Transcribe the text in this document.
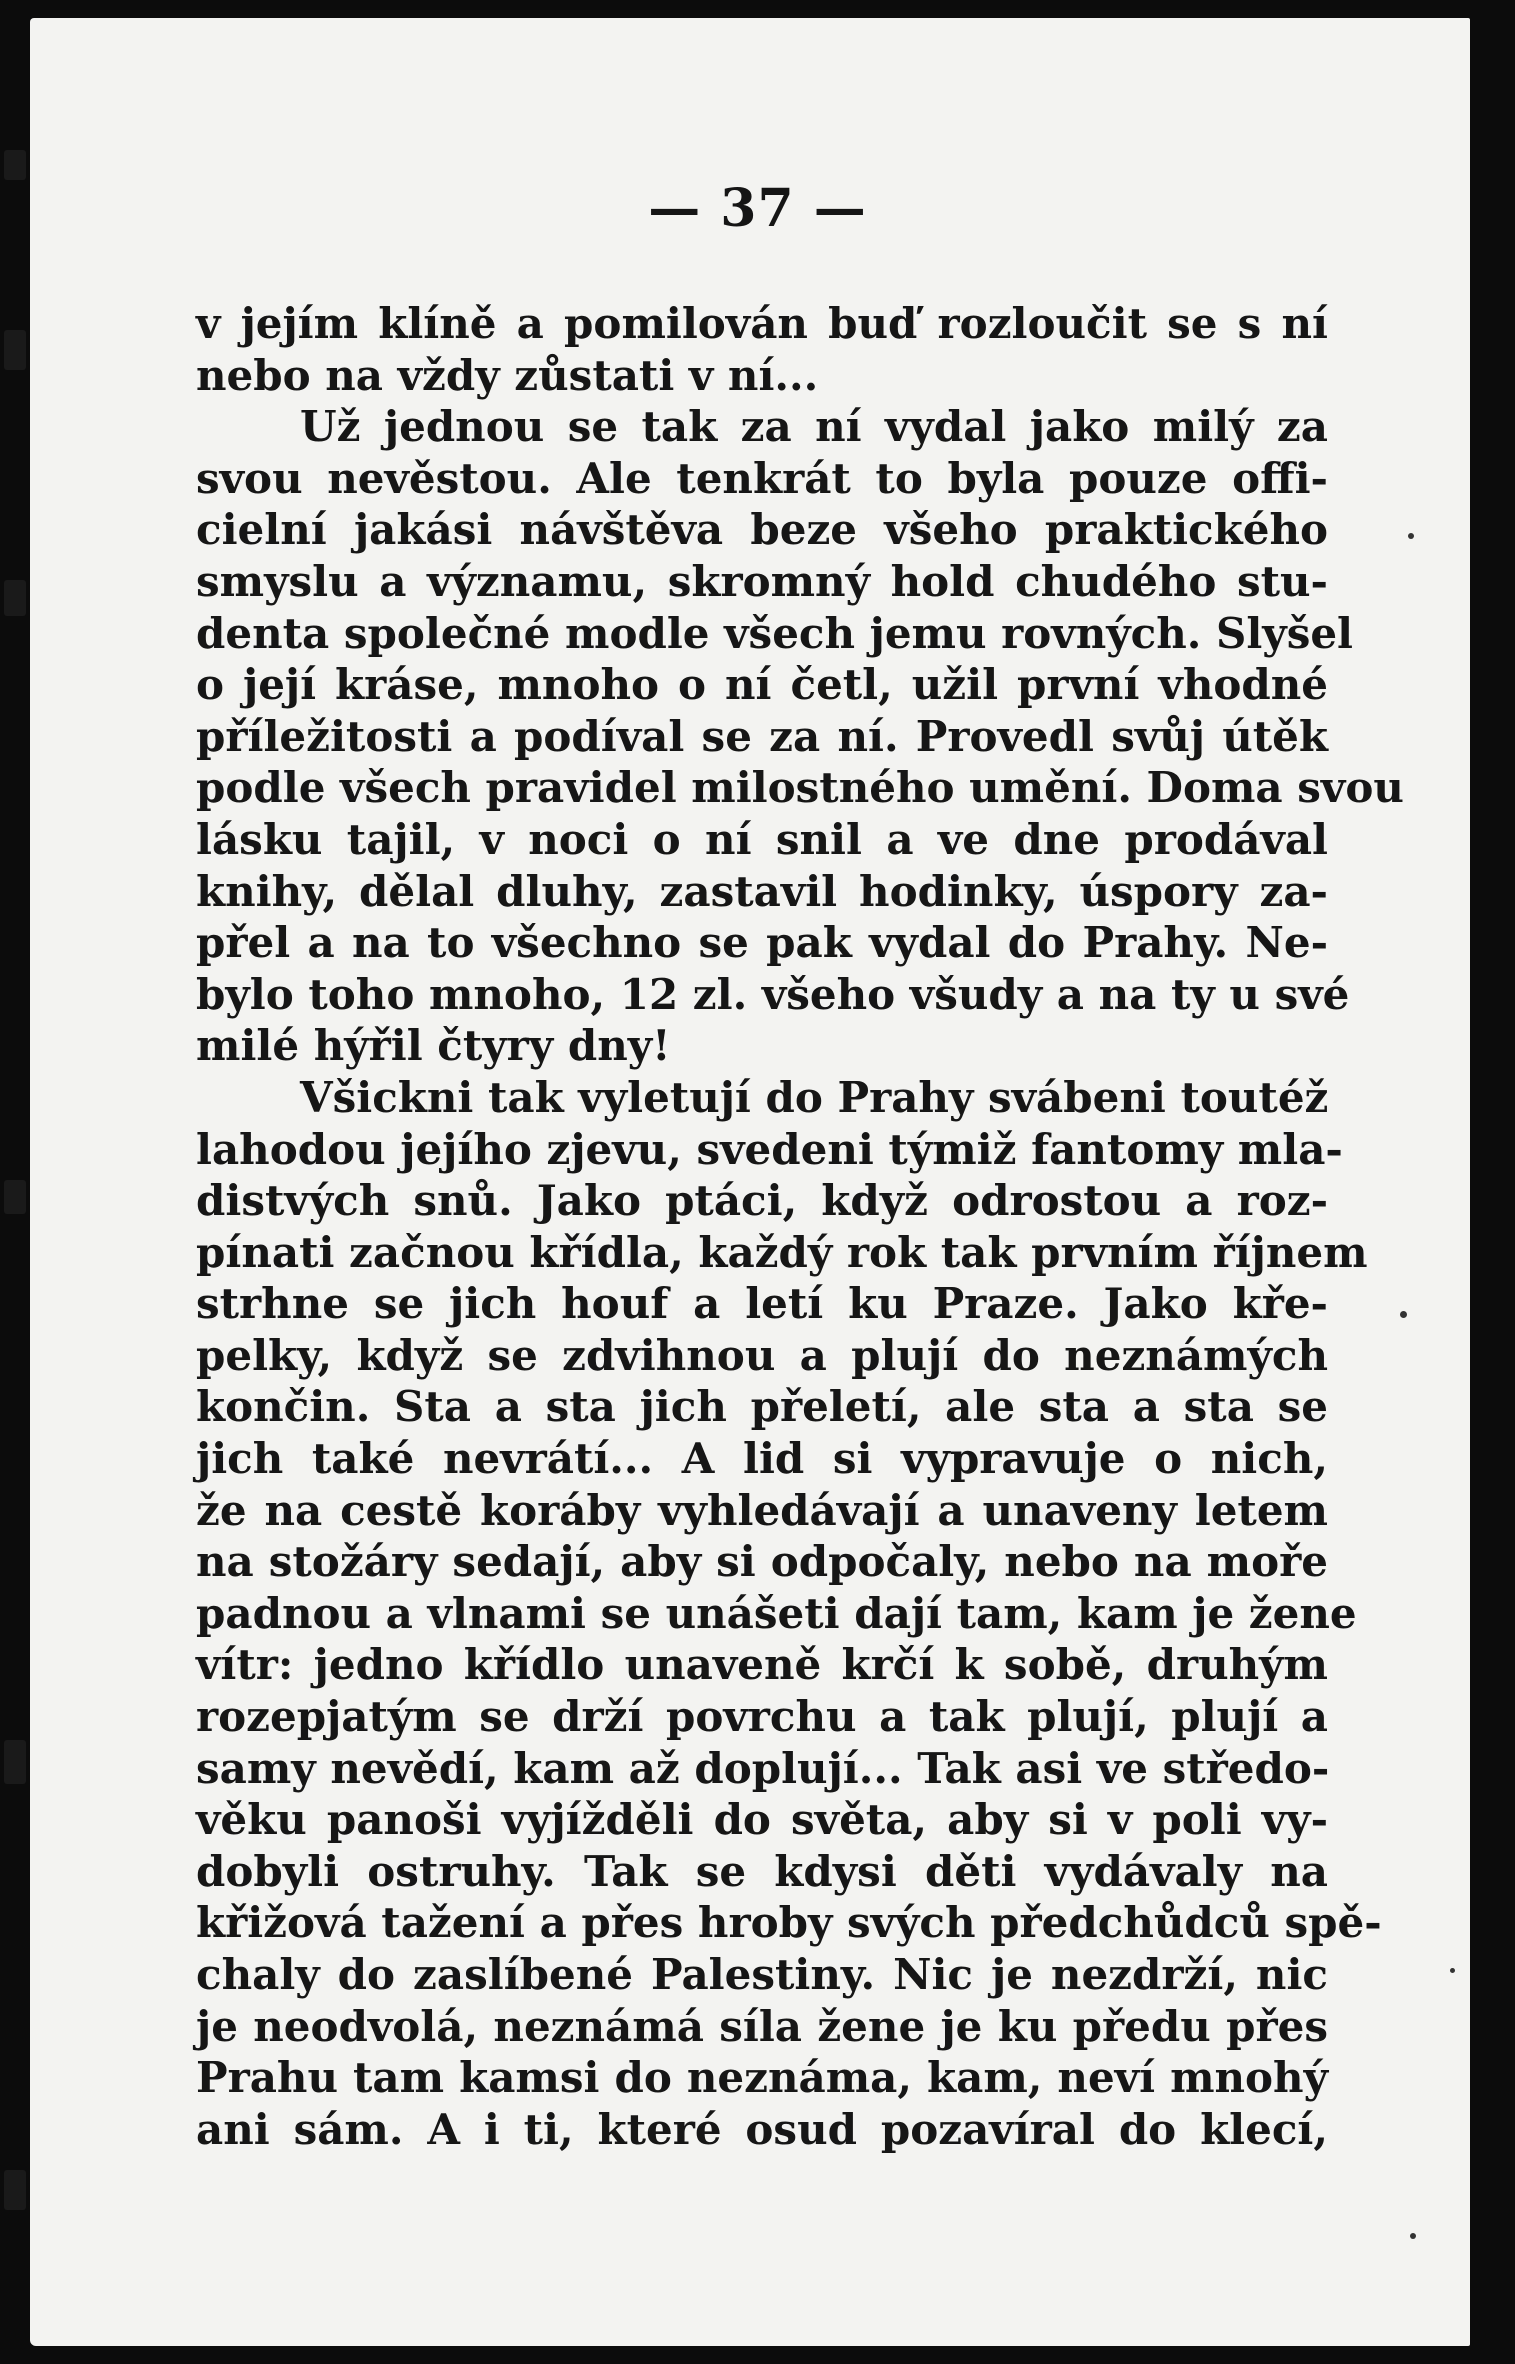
— 37 —
v jejím klíně a pomilován buď rozloučit se s ní
nebo na vždy zůstati v ní...
Už jednou se tak za ní vydal jako milý za
svou nevěstou. Ale tenkrát to byla pouze offi-
cielní jakási návštěva beze všeho praktického
smyslu a významu, skromný hold chudého stu-
denta společné modle všech jemu rovných. Slyšel
o její kráse, mnoho o ní četl, užil první vhodné
příležitosti a podíval se za ní. Provedl svůj útěk
podle všech pravidel milostného umění. Doma svou
lásku tajil, v noci o ní snil a ve dne prodával
knihy, dělal dluhy, zastavil hodinky, úspory za-
přel a na to všechno se pak vydal do Prahy. Ne-
bylo toho mnoho, 12 zl. všeho všudy a na ty u své
milé hýřil čtyry dny!
Všickni tak vyletují do Prahy svábeni toutéž
lahodou jejího zjevu, svedeni týmiž fantomy mla-
distvých snů. Jako ptáci, když odrostou a roz-
pínati začnou křídla, každý rok tak prvním říjnem
strhne se jich houf a letí ku Praze. Jako kře-
pelky, když se zdvihnou a plují do neznámých
končin. Sta a sta jich přeletí, ale sta a sta se
jich také nevrátí... A lid si vypravuje o nich,
že na cestě koráby vyhledávají a unaveny letem
na stožáry sedají, aby si odpočaly, nebo na moře
padnou a vlnami se unášeti dají tam, kam je žene
vítr: jedno křídlo unaveně krčí k sobě, druhým
rozepjatým se drží povrchu a tak plují, plují a
samy nevědí, kam až doplují... Tak asi ve středo-
věku panoši vyjížděli do světa, aby si v poli vy-
dobyli ostruhy. Tak se kdysi děti vydávaly na
křižová tažení a přes hroby svých předchůdců spě-
chaly do zaslíbené Palestiny. Nic je nezdrží, nic
je neodvolá, neznámá síla žene je ku předu přes
Prahu tam kamsi do neznáma, kam, neví mnohý
ani sám. A i ti, které osud pozavíral do klecí,
